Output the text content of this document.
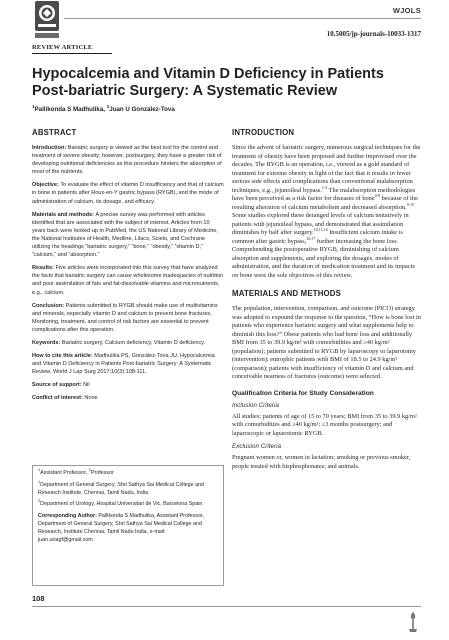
WJOLS
10.5005/jp-journals-10033-1317
REVIEW ARTICLE
Hypocalcemia and Vitamin D Deficiency in Patients Post-bariatric Surgery: A Systematic Review
$^1$Pallikonda S Madhulika, $^2$Juan U González-Tova
ABSTRACT

Introduction: Bariatric surgery is viewed as the best tool for the control and treatment of severe obesity; however, postsurgery, they have a greater risk of developing nutritional deficiencies as this procedure hinders the absorption of most of the nutrients.

Objective: To evaluate the effect of vitamin D insufficiency and that of calcium in bone in patients after Roux-en-Y gastric bypass (RYGB), and the mode of administration of calcium, its dosage, and efficacy.

Materials and methods: A precise survey was performed with articles identified that are associated with the subject of interest. Articles from 10 years back were looked up in PubMed, the US National Library of Medicine, the National Institutes of Health, Medline, Lilacs, Scielo, and Cochrane utilizing the headings “bariatric surgery,” “bone,” “obesity,” “vitamin D,” “calcium,” and “absorption.”

Results: Five articles were incorporated into this survey that have analyzed the facts that bariatric surgery can cause wholesome inadequacies of nutrition and poor assimilation of fats and fat-dissolvable vitamins and micronutrients, e.g., calcium.

Conclusion: Patients submitted to RYGB should make use of multivitamins and minerals, especially vitamin D and calcium to prevent bone fractures. Monitoring, treatment, and control of risk factors are essential to prevent complications after this operation.

Keywords: Bariatric surgery, Calcium deficiency, Vitamin D deficiency.

How to cite this article: Madhulika PS, González-Tova JU. Hypocalcemia and Vitamin D Deficiency in Patients Post-bariatric Surgery: A Systematic Review. World J Lap Surg 2017;10(3):108-111.

Source of support: Nil

Conflict of interest: None

$^1$Assistant Professor, $^2$Professor

$^1$Department of General Surgery, Shri Sathya Sai Medical College and Research Institute, Chennai, Tamil Nadu, India

$^2$Department of Urology, Hospital Universitari de Vic, Barcelona Spain

Corresponding Author: Pallikonda S Madhulika, Assistant Professor, Department of General Surgery, Shri Sathya Sai Medical College and Research, Institute Chennai, Tamil Nadu India, e-mail: juan.uriagf@gmail.com

INTRODUCTION

Since the advent of bariatric surgery, numerous surgical techniques for the treatment of obesity have been proposed and further improvised over the decades. The RYGB is an operation, i.e., viewed as a gold standard of treatment for extreme obesity in light of the fact that it results in fewer serious side effects and complications than conventional malabsorption techniques, e.g., jejunoileal bypass.$^{1-3}$ The malabsorption methodologies have been perceived as a risk factor for diseases of bone$^{4-8}$ because of the resulting alteration of calcium metabolism and decreased absorption.$^{9-15}$ Some studies explored these deranged levels of calcium tentatively in patients with jejunoileal bypass, and demonstrated that assimilation diminishes by half after surgery.$^{10,11,16}$ Insufficient calcium intake is common after gastric bypass,$^{16,17}$ further increasing the bone loss. Comprehending the postoperative RYGB, diminishing of calcium absorption and supplements, and exploring the dosages, modes of administration, and the duration of medication treatment and its impacts on bone were the sole objectives of this review.

MATERIALS AND METHODS

The population, intervention, comparison, and outcome (PICO) strategy was adopted to expound the response to the question, “How is bone lost in patients who experience bariatric surgery and what supplements help to diminish this loss?” Obese patients who had bone loss and additionally BMI from 35 to 39.9 kg/m² with comorbidities and ≥40 kg/m² (population); patients submitted to RYGB by laparoscopy or laparotomy (intervention); eutrophic patients with BMI of 18.5 to 24.9 kg/m² (comparison); patients with insufficiency of vitamin D and calcium and conceivable nearness of fractures (outcome) were selected.

Qualification Criteria for Study Consideration
Inclusion Criteria

All studies; patients of age of 15 to 70 years; BMI from 35 to 39.9 kg/m² with comorbidities and ≥40 kg/m²; ≥3 months postsurgery; and laparoscopic or laparotomic RYGB.

Exclusion Criteria

Pregnant women or, women in lactation; smoking or previous smoker, people treated with bisphosphonates; and animals.

108
